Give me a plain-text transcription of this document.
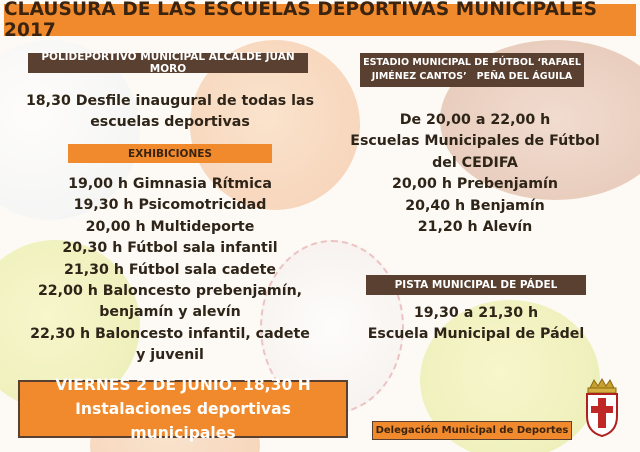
CLAUSURA DE LAS ESCUELAS DEPORTIVAS MUNICIPALES 2017
POLIDEPORTIVO MUNICIPAL ALCALDE JUAN MORO
18,30 Desfile inaugural de todas las
escuelas deportivas
EXHIBICIONES
19,00 h Gimnasia Rítmica
19,30 h Psicomotricidad
20,00 h Multideporte
20,30 h Fútbol sala infantil
21,30 h Fútbol sala cadete
22,00 h Baloncesto prebenjamín,
benjamín y alevín
22,30 h Baloncesto infantil, cadete
y juvenil
ESTADIO MUNICIPAL DE FÚTBOL ‘RAFAEL
JIMÉNEZ CANTOS’   PEÑA DEL ÁGUILA
De 20,00 a 22,00 h
Escuelas Municipales de Fútbol
del CEDIFA
20,00 h Prebenjamín
20,40 h Benjamín
21,20 h Alevín
PISTA MUNICIPAL DE PÁDEL
19,30 a 21,30 h
Escuela Municipal de Pádel
VIERNES 2 DE JUNIO. 18,30 H
Instalaciones deportivas municipales	Delegación Municipal de Deportes
